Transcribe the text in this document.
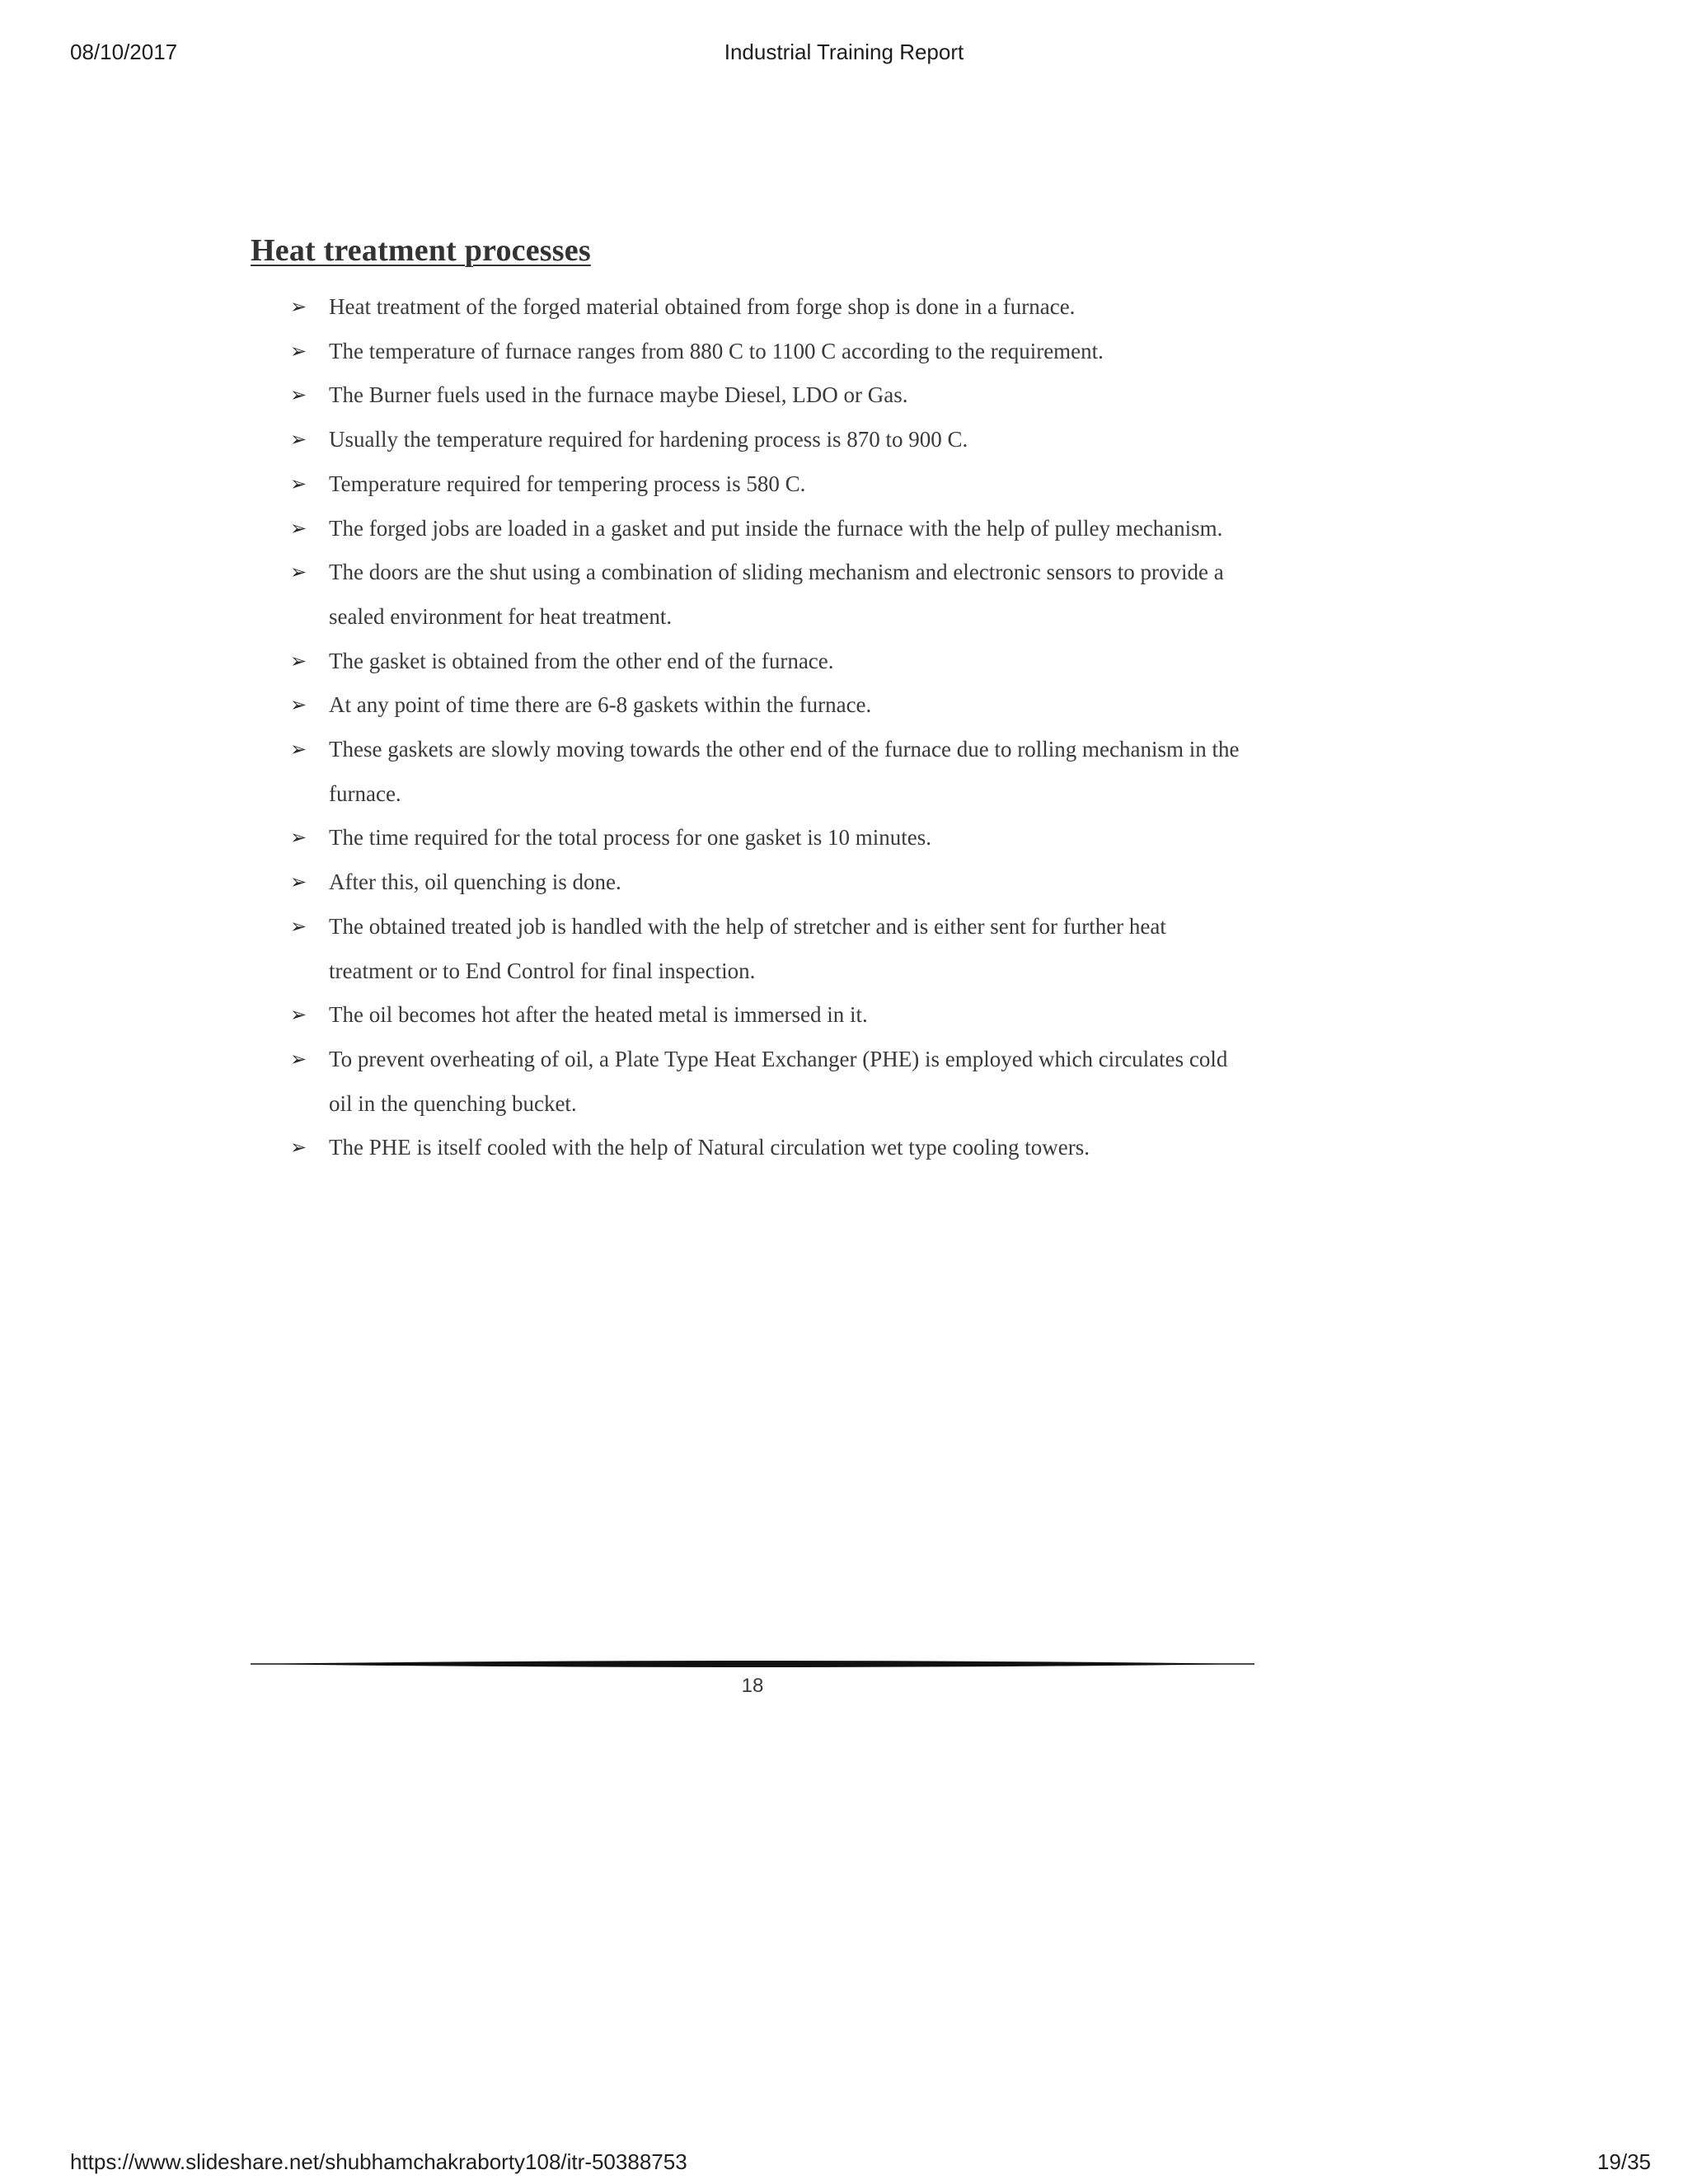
08/10/2017	Industrial Training Report
Heat treatment processes
➢ Heat treatment of the forged material obtained from forge shop is done in a furnace.
➢ The temperature of furnace ranges from 880 C to 1100 C according to the requirement.
➢ The Burner fuels used in the furnace maybe Diesel, LDO or Gas.
➢ Usually the temperature required for hardening process is 870 to 900 C.
➢ Temperature required for tempering process is 580 C.
➢ The forged jobs are loaded in a gasket and put inside the furnace with the help of pulley mechanism.
➢ The doors are the shut using a combination of sliding mechanism and electronic sensors to provide a sealed environment for heat treatment.
➢ The gasket is obtained from the other end of the furnace.
➢ At any point of time there are 6-8 gaskets within the furnace.
➢ These gaskets are slowly moving towards the other end of the furnace due to rolling mechanism in the furnace.
➢ The time required for the total process for one gasket is 10 minutes.
➢ After this, oil quenching is done.
➢ The obtained treated job is handled with the help of stretcher and is either sent for further heat treatment or to End Control for final inspection.
➢ The oil becomes hot after the heated metal is immersed in it.
➢ To prevent overheating of oil, a Plate Type Heat Exchanger (PHE) is employed which circulates cold oil in the quenching bucket.
➢ The PHE is itself cooled with the help of Natural circulation wet type cooling towers.
18
https://www.slideshare.net/shubhamchakraborty108/itr-50388753	19/35
